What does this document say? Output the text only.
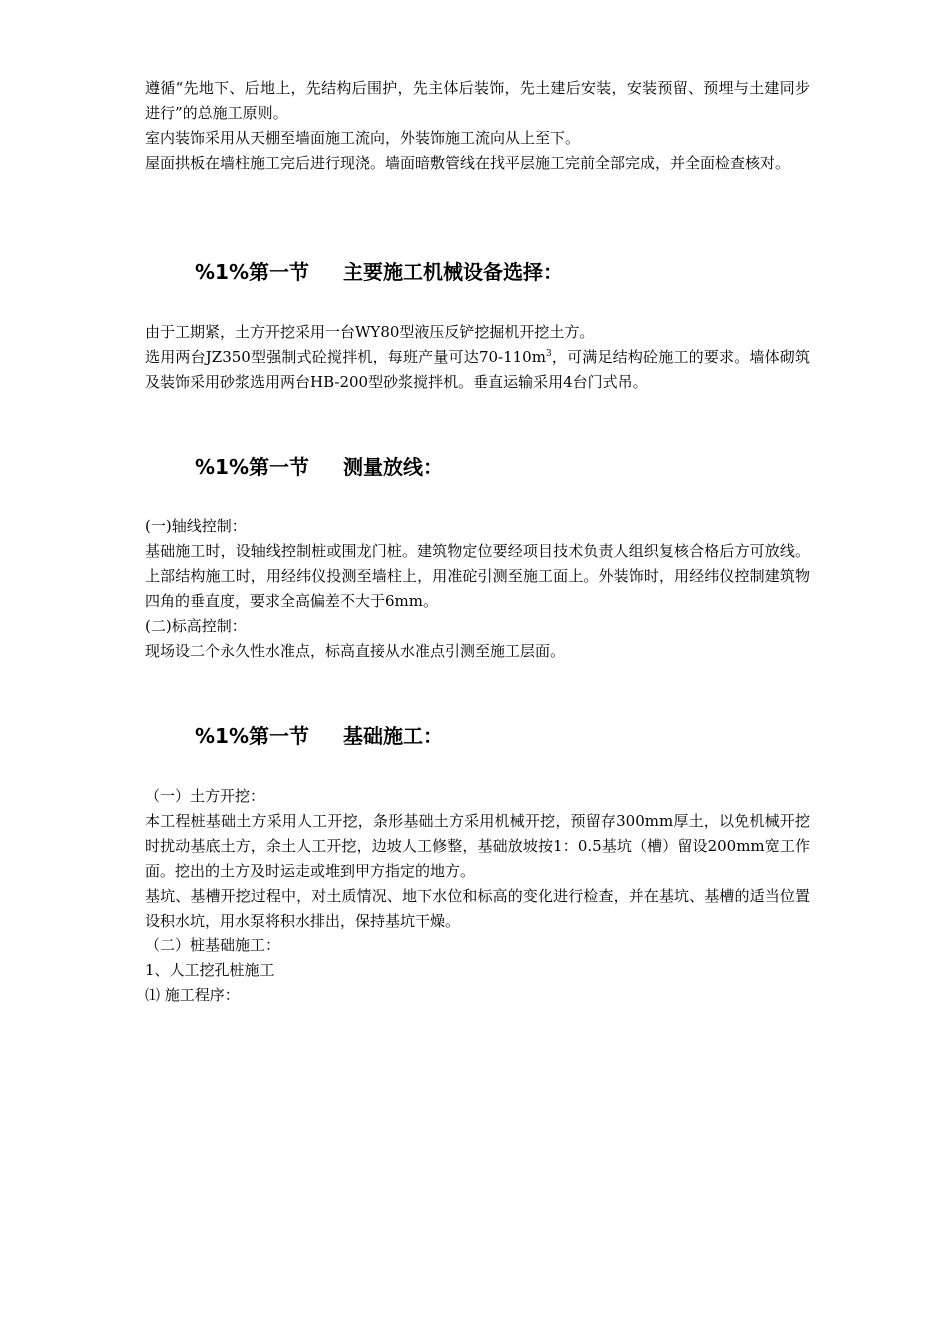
遵循“先地下、后地上，先结构后围护，先主体后装饰，先土建后安装，安装预留、预埋与土建同步进行”的总施工原则。

室内装饰采用从天棚至墙面施工流向，外装饰施工流向从上至下。

屋面拱板在墙柱施工完后进行现浇。墙面暗敷管线在找平层施工完前全部完成，并全面检查核对。

%1%第一节 主要施工机械设备选择：

由于工期紧，土方开挖采用一台WY80型液压反铲挖掘机开挖土方。

选用两台JZ350型强制式砼搅拌机，每班产量可达$70-110m^3$，可满足结构砼施工的要求。墙体砌筑及装饰采用砂浆选用两台HB-200型砂浆搅拌机。垂直运输采用4台门式吊。

%1%第一节 测量放线：

(一)轴线控制：

基础施工时，设轴线控制桩或围龙门桩。建筑物定位要经项目技术负责人组织复核合格后方可放线。上部结构施工时，用经纬仪投测至墙柱上，用准砣引测至施工面上。外装饰时，用经纬仪控制建筑物四角的垂直度，要求全高偏差不大于6mm。

(二)标高控制：

现场设二个永久性水准点，标高直接从水准点引测至施工层面。

%1%第一节 基础施工：

（一）土方开挖：

本工程桩基础土方采用人工开挖，条形基础土方采用机械开挖，预留存300mm厚土，以免机械开挖时扰动基底土方，余土人工开挖，边坡人工修整，基础放坡按1：0.5基坑（槽）留设200mm宽工作面。挖出的土方及时运走或堆到甲方指定的地方。

基坑、基槽开挖过程中，对土质情况、地下水位和标高的变化进行检查，并在基坑、基槽的适当位置设积水坑，用水泵将积水排出，保持基坑干燥。

（二）桩基础施工：

1、人工挖孔桩施工

⑴ 施工程序：
